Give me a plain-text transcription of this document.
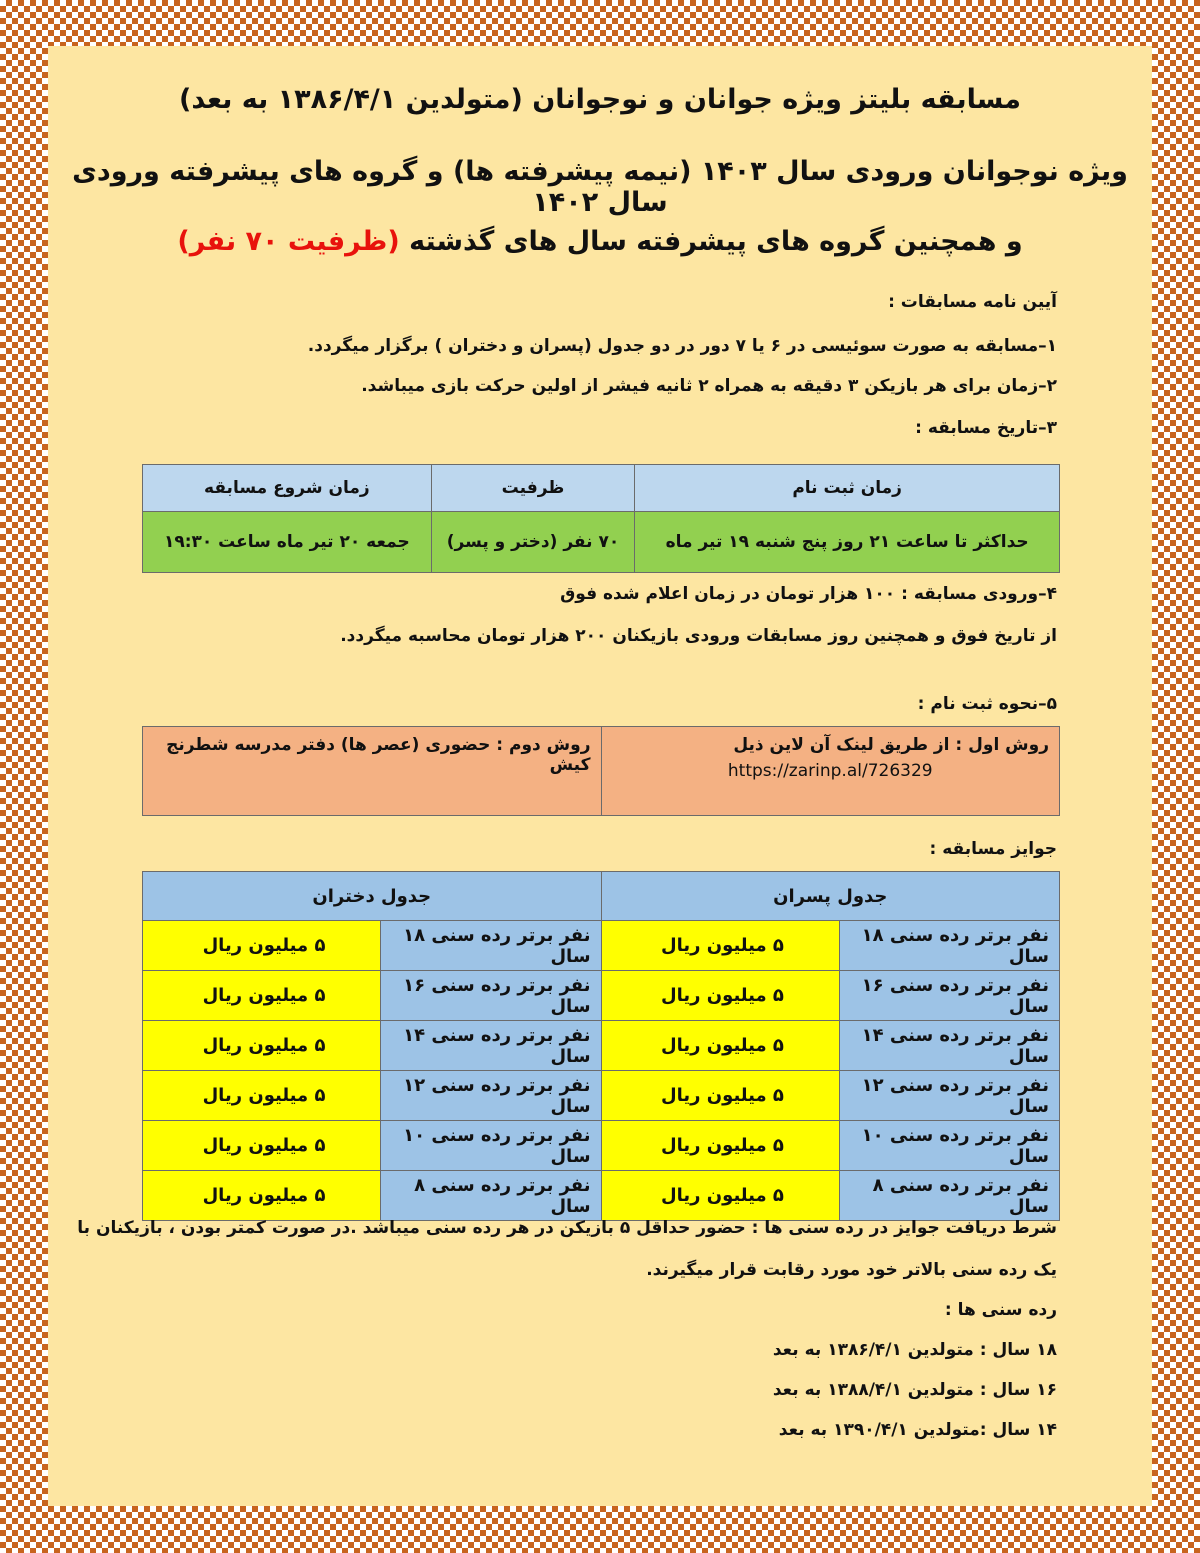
مسابقه بلیتز ویژه جوانان و نوجوانان (متولدین ۱۳۸۶/۴/۱ به بعد)

ویژه نوجوانان ورودی سال ۱۴۰۳ (نیمه پیشرفته ها) و گروه های پیشرفته ورودی سال ۱۴۰۲

و همچنین گروه های پیشرفته سال های گذشته (ظرفیت ۷۰ نفر)

آیین نامه مسابقات :

۱–مسابقه به صورت سوئیسی در ۶ یا ۷ دور در دو جدول (پسران و دختران ) برگزار میگردد.

۲–زمان برای هر بازیکن ۳ دقیقه به همراه ۲ ثانیه فیشر از اولین حرکت بازی میباشد.

۳–تاریخ مسابقه :

زمان ثبت نام	ظرفیت	زمان شروع مسابقه
حداکثر تا ساعت ۲۱ روز پنج شنبه ۱۹ تیر ماه	۷۰ نفر (دختر و پسر)	جمعه ۲۰ تیر ماه ساعت ۱۹:۳۰

۴–ورودی مسابقه : ۱۰۰ هزار تومان در زمان اعلام شده فوق

از تاریخ فوق و همچنین روز مسابقات ورودی بازیکنان ۲۰۰ هزار تومان محاسبه میگردد.

۵–نحوه ثبت نام :

روش اول : از طریق لینک آن لاین ذیل
https://zarinp.al/726329
	روش دوم : حضوری (عصر ها) دفتر مدرسه شطرنج کیش

جوایز مسابقه :

جدول پسران		جدول دختران	
نفر برتر رده سنی ۱۸ سال	۵ میلیون ریال	نفر برتر رده سنی ۱۸ سال	۵ میلیون ریال
نفر برتر رده سنی ۱۶ سال	۵ میلیون ریال	نفر برتر رده سنی ۱۶ سال	۵ میلیون ریال
نفر برتر رده سنی ۱۴ سال	۵ میلیون ریال	نفر برتر رده سنی ۱۴ سال	۵ میلیون ریال
نفر برتر رده سنی ۱۲ سال	۵ میلیون ریال	نفر برتر رده سنی ۱۲ سال	۵ میلیون ریال
نفر برتر رده سنی ۱۰ سال	۵ میلیون ریال	نفر برتر رده سنی ۱۰ سال	۵ میلیون ریال
نفر برتر رده سنی ۸ سال	۵ میلیون ریال	نفر برتر رده سنی ۸ سال	۵ میلیون ریال

شرط دریافت جوایز در رده سنی ها : حضور حداقل ۵ بازیکن در هر رده سنی میباشد .در صورت کمتر بودن ، بازیکنان با

یک رده سنی بالاتر خود مورد رقابت قرار میگیرند.

رده سنی ها :

۱۸ سال : متولدین ۱۳۸۶/۴/۱ به بعد

۱۶ سال : متولدین ۱۳۸۸/۴/۱ به بعد

۱۴ سال :متولدین ۱۳۹۰/۴/۱ به بعد
